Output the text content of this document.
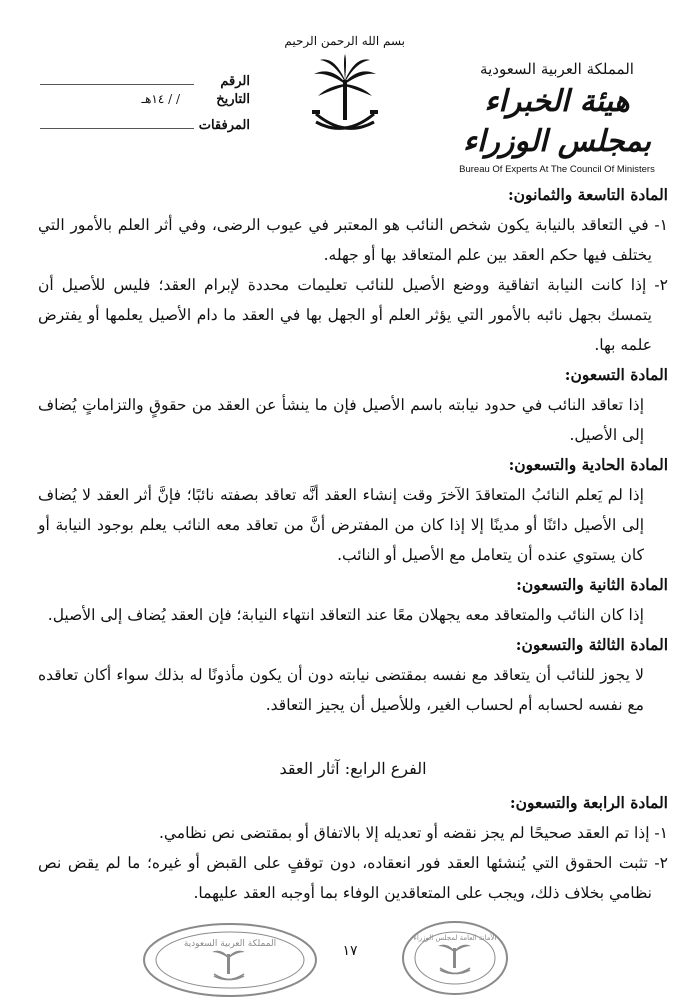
المملكة العربية السعودية
هيئة الخبراء بمجلس الوزراء
Bureau Of Experts At The Council Of Ministers
بسم الله الرحمن الرحيم
الرقم
التاريخ
/ / ١٤هـ
المرفقات
المادة التاسعة والثمانون:

١- في التعاقد بالنيابة يكون شخص النائب هو المعتبر في عيوب الرضى، وفي أثر العلم بالأمور التي يختلف فيها حكم العقد بين علم المتعاقد بها أو جهله.

٢- إذا كانت النيابة اتفاقية ووضع الأصيل للنائب تعليمات محددة لإبرام العقد؛ فليس للأصيل أن يتمسك بجهل نائبه بالأمور التي يؤثر العلم أو الجهل بها في العقد ما دام الأصيل يعلمها أو يفترض علمه بها.

المادة التسعون:

إذا تعاقد النائب في حدود نيابته باسم الأصيل فإن ما ينشأ عن العقد من حقوقٍ والتزاماتٍ يُضاف إلى الأصيل.

المادة الحادية والتسعون:

إذا لم يَعلم النائبُ المتعاقدَ الآخرَ وقت إنشاء العقد أنَّه تعاقد بصفته نائبًا؛ فإنَّ أثر العقد لا يُضاف إلى الأصيل دائنًا أو مدينًا إلا إذا كان من المفترض أنَّ من تعاقد معه النائب يعلم بوجود النيابة أو كان يستوي عنده أن يتعامل مع الأصيل أو النائب.

المادة الثانية والتسعون:

إذا كان النائب والمتعاقد معه يجهلان معًا عند التعاقد انتهاء النيابة؛ فإن العقد يُضاف إلى الأصيل.

المادة الثالثة والتسعون:

لا يجوز للنائب أن يتعاقد مع نفسه بمقتضى نيابته دون أن يكون مأذونًا له بذلك سواء أكان تعاقده مع نفسه لحسابه أم لحساب الغير، وللأصيل أن يجيز التعاقد.

الفرع الرابع: آثار العقد
المادة الرابعة والتسعون:

١- إذا تم العقد صحيحًا لم يجز نقضه أو تعديله إلا بالاتفاق أو بمقتضى نص نظامي.

٢- تثبت الحقوق التي يُنشئها العقد فور انعقاده، دون توقفٍ على القبض أو غيره؛ ما لم يقض نص نظامي بخلاف ذلك، ويجب على المتعاقدين الوفاء بما أوجبه العقد عليهما.

١٧
المملكة العربية السعودية
الأمانة العامة لمجلس الوزراء
